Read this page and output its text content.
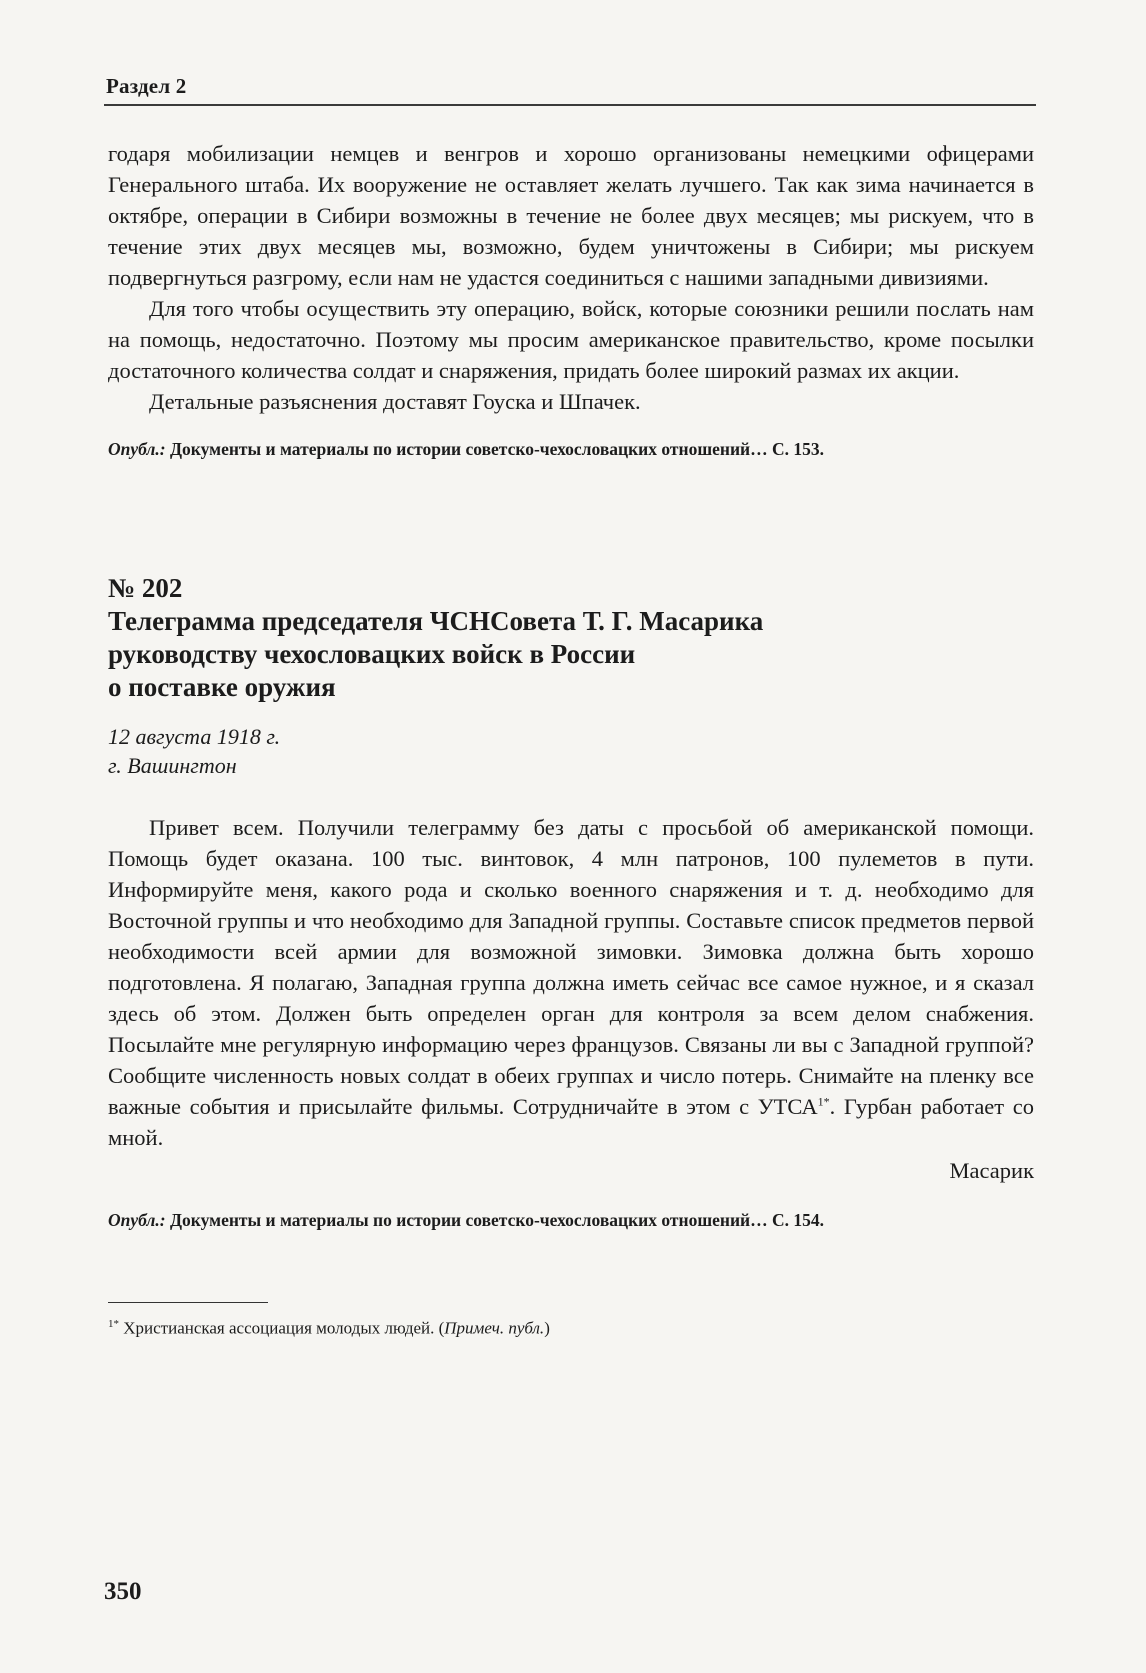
Раздел 2

годаря мобилизации немцев и венгров и хорошо организованы немецкими офицерами Генерального штаба. Их вооружение не оставляет желать лучшего. Так как зима начинается в октябре, операции в Сибири возможны в течение не более двух месяцев; мы рискуем, что в течение этих двух месяцев мы, возможно, будем уничтожены в Сибири; мы рискуем подвергнуться разгрому, если нам не удастся соединиться с нашими западными дивизиями.

Для того чтобы осуществить эту операцию, войск, которые союзники решили послать нам на помощь, недостаточно. Поэтому мы просим американское правительство, кроме посылки достаточного количества солдат и снаряжения, придать более широкий размах их акции.

Детальные разъяснения доставят Гоуска и Шпачек.

Опубл.: Документы и материалы по истории советско-чехословацких отношений… С. 153.

№ 202

Телеграмма председателя ЧСНСовета Т. Г. Масарика

руководству чехословацких войск в России

о поставке оружия

12 августа 1918 г.

г. Вашингтон

Привет всем. Получили телеграмму без даты с просьбой об американской помощи. Помощь будет оказана. 100 тыс. винтовок, 4 млн патронов, 100 пулеметов в пути. Информируйте меня, какого рода и сколько военного снаряжения и т. д. необходимо для Восточной группы и что необходимо для Западной группы. Составьте список предметов первой необходимости всей армии для возможной зимовки. Зимовка должна быть хорошо подготовлена. Я полагаю, Западная группа должна иметь сейчас все самое нужное, и я сказал здесь об этом. Должен быть определен орган для контроля за всем делом снабжения. Посылайте мне регулярную информацию через французов. Связаны ли вы с Западной группой? Сообщите численность новых солдат в обеих группах и число потерь. Снимайте на пленку все важные события и присылайте фильмы. Сотрудничайте в этом с УТСА$^{1*}$. Гурбан работает со мной.

Масарик

Опубл.: Документы и материалы по истории советско-чехословацких отношений… С. 154.

$^{1*}$ Христианская ассоциация молодых людей. (Примеч. публ.)

350
